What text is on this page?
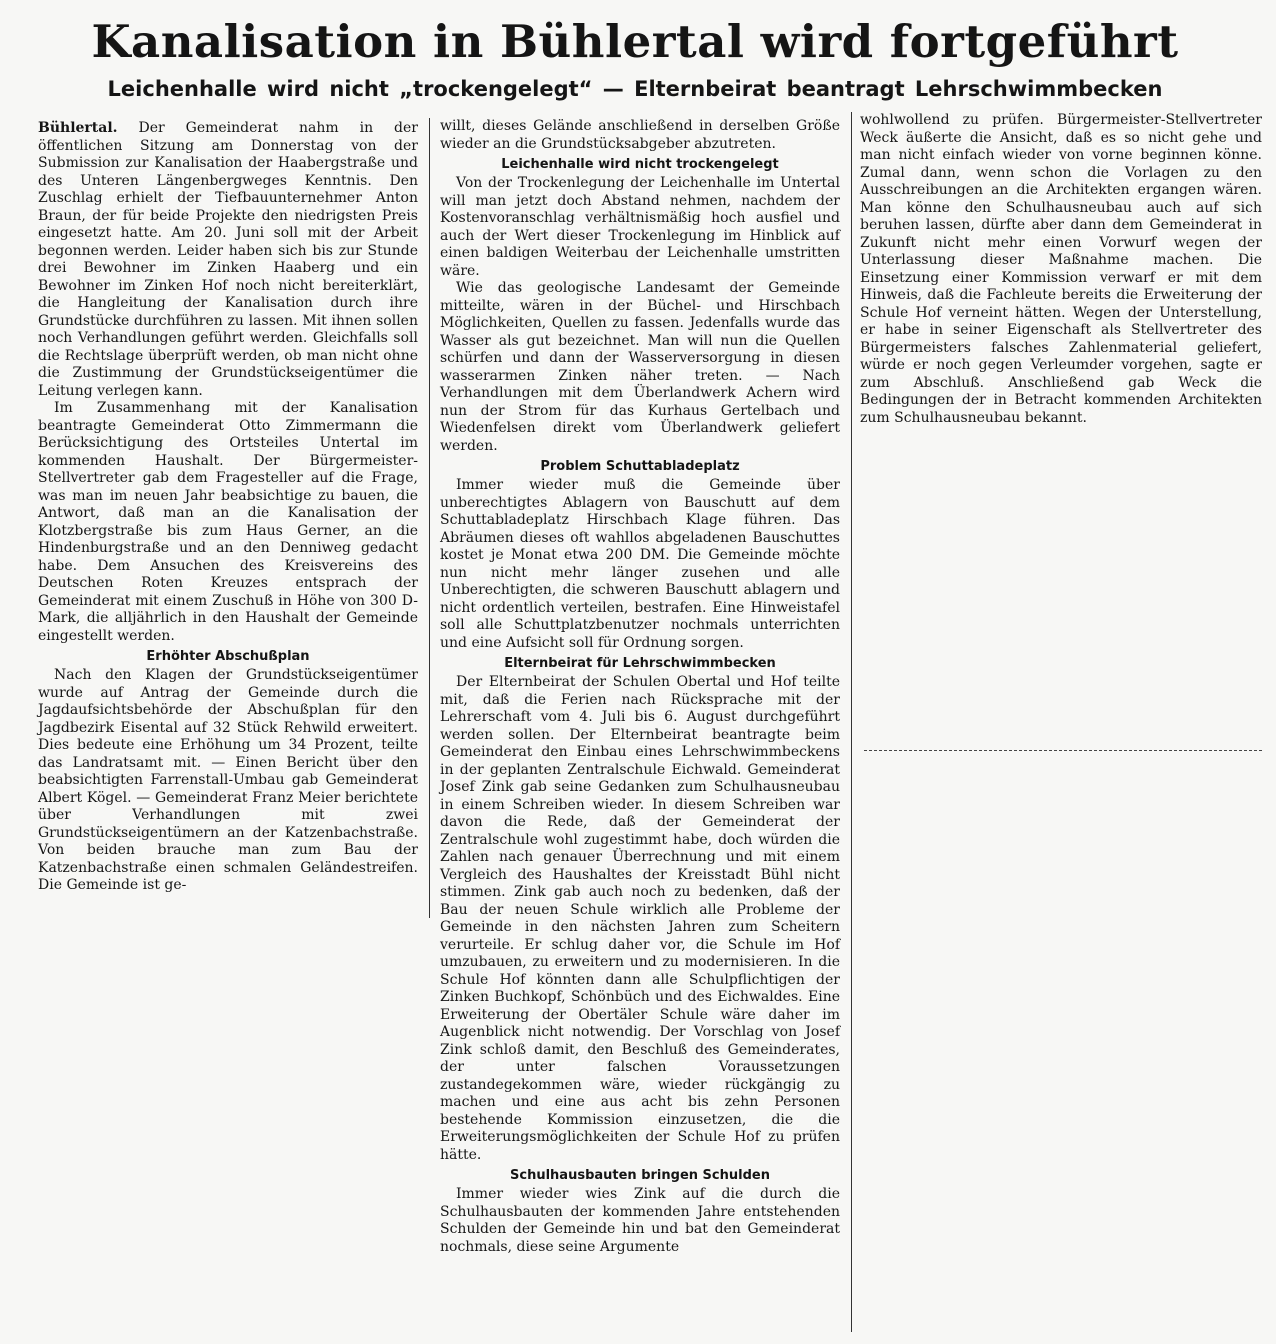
Kanalisation in Bühlertal wird fortgeführt
Leichenhalle wird nicht „trockengelegt“ — Elternbeirat beantragt Lehrschwimmbecken

Bühlertal. Der Gemeinderat nahm in der öffentlichen Sitzung am Donnerstag von der Submission zur Kanalisation der Haabergstraße und des Unteren Längenbergweges Kenntnis. Den Zuschlag erhielt der Tiefbauunternehmer Anton Braun, der für beide Projekte den niedrigsten Preis eingesetzt hatte. Am 20. Juni soll mit der Arbeit begonnen werden. Leider haben sich bis zur Stunde drei Bewohner im Zinken Haaberg und ein Bewohner im Zinken Hof noch nicht bereiterklärt, die Hangleitung der Kanalisation durch ihre Grundstücke durchführen zu lassen. Mit ihnen sollen noch Verhandlungen geführt werden. Gleichfalls soll die Rechtslage überprüft werden, ob man nicht ohne die Zustimmung der Grundstückseigentümer die Leitung verlegen kann.

Im Zusammenhang mit der Kanalisation beantragte Gemeinderat Otto Zimmermann die Berücksichtigung des Ortsteiles Untertal im kommenden Haushalt. Der Bürgermeister-Stellvertreter gab dem Fragesteller auf die Frage, was man im neuen Jahr beabsichtige zu bauen, die Antwort, daß man an die Kanalisation der Klotzbergstraße bis zum Haus Gerner, an die Hindenburgstraße und an den Denniweg gedacht habe. Dem Ansuchen des Kreisvereins des Deutschen Roten Kreuzes entsprach der Gemeinderat mit einem Zuschuß in Höhe von 300 D-Mark, die alljährlich in den Haushalt der Gemeinde eingestellt werden.

Erhöhter Abschußplan

Nach den Klagen der Grundstückseigentümer wurde auf Antrag der Gemeinde durch die Jagdaufsichtsbehörde der Abschußplan für den Jagdbezirk Eisental auf 32 Stück Rehwild erweitert. Dies bedeute eine Erhöhung um 34 Prozent, teilte das Landratsamt mit. — Einen Bericht über den beabsichtigten Farrenstall-Umbau gab Gemeinderat Albert Kögel. — Gemeinderat Franz Meier berichtete über Verhandlungen mit zwei Grundstückseigentümern an der Katzenbachstraße. Von beiden brauche man zum Bau der Katzenbachstraße einen schmalen Geländestreifen. Die Gemeinde ist ge-

willt, dieses Gelände anschließend in derselben Größe wieder an die Grundstücksabgeber abzutreten.

Leichenhalle wird nicht trockengelegt

Von der Trockenlegung der Leichenhalle im Untertal will man jetzt doch Abstand nehmen, nachdem der Kostenvoranschlag verhältnismäßig hoch ausfiel und auch der Wert dieser Trockenlegung im Hinblick auf einen baldigen Weiterbau der Leichenhalle umstritten wäre.

Wie das geologische Landesamt der Gemeinde mitteilte, wären in der Büchel- und Hirschbach Möglichkeiten, Quellen zu fassen. Jedenfalls wurde das Wasser als gut bezeichnet. Man will nun die Quellen schürfen und dann der Wasserversorgung in diesen wasserarmen Zinken näher treten. — Nach Verhandlungen mit dem Überlandwerk Achern wird nun der Strom für das Kurhaus Gertelbach und Wiedenfelsen direkt vom Überlandwerk geliefert werden.

Problem Schuttabladeplatz

Immer wieder muß die Gemeinde über unberechtigtes Ablagern von Bauschutt auf dem Schuttabladeplatz Hirschbach Klage führen. Das Abräumen dieses oft wahllos abgeladenen Bauschuttes kostet je Monat etwa 200 DM. Die Gemeinde möchte nun nicht mehr länger zusehen und alle Unberechtigten, die schweren Bauschutt ablagern und nicht ordentlich verteilen, bestrafen. Eine Hinweistafel soll alle Schuttplatzbenutzer nochmals unterrichten und eine Aufsicht soll für Ordnung sorgen.

Elternbeirat für Lehrschwimmbecken

Der Elternbeirat der Schulen Obertal und Hof teilte mit, daß die Ferien nach Rücksprache mit der Lehrerschaft vom 4. Juli bis 6. August durchgeführt werden sollen. Der Elternbeirat beantragte beim Gemeinderat den Einbau eines Lehrschwimmbeckens in der geplanten Zentralschule Eichwald. Gemeinderat Josef Zink gab seine Gedanken zum Schulhausneubau in einem Schreiben wieder. In diesem Schreiben war davon die Rede, daß der Gemeinderat der Zentralschule wohl zugestimmt habe, doch würden die Zahlen nach genauer Überrechnung und mit einem Vergleich des Haushaltes der Kreisstadt Bühl nicht stimmen. Zink gab auch noch zu bedenken, daß der Bau der neuen Schule wirklich alle Probleme der Gemeinde in den nächsten Jahren zum Scheitern verurteile. Er schlug daher vor, die Schule im Hof umzubauen, zu erweitern und zu modernisieren. In die Schule Hof könnten dann alle Schulpflichtigen der Zinken Buchkopf, Schönbüch und des Eichwaldes. Eine Erweiterung der Obertäler Schule wäre daher im Augenblick nicht notwendig. Der Vorschlag von Josef Zink schloß damit, den Beschluß des Gemeinderates, der unter falschen Voraussetzungen zustandegekommen wäre, wieder rückgängig zu machen und eine aus acht bis zehn Personen bestehende Kommission einzusetzen, die die Erweiterungsmöglichkeiten der Schule Hof zu prüfen hätte.

Schulhausbauten bringen Schulden

Immer wieder wies Zink auf die durch die Schulhausbauten der kommenden Jahre entstehenden Schulden der Gemeinde hin und bat den Gemeinderat nochmals, diese seine Argumente

wohlwollend zu prüfen. Bürgermeister-Stellvertreter Weck äußerte die Ansicht, daß es so nicht gehe und man nicht einfach wieder von vorne beginnen könne. Zumal dann, wenn schon die Vorlagen zu den Ausschreibungen an die Architekten ergangen wären. Man könne den Schulhausneubau auch auf sich beruhen lassen, dürfte aber dann dem Gemeinderat in Zukunft nicht mehr einen Vorwurf wegen der Unterlassung dieser Maßnahme machen. Die Einsetzung einer Kommission verwarf er mit dem Hinweis, daß die Fachleute bereits die Erweiterung der Schule Hof verneint hätten. Wegen der Unterstellung, er habe in seiner Eigenschaft als Stellvertreter des Bürgermeisters falsches Zahlenmaterial geliefert, würde er noch gegen Verleumder vorgehen, sagte er zum Abschluß. Anschließend gab Weck die Bedingungen der in Betracht kommenden Architekten zum Schulhausneubau bekannt.
